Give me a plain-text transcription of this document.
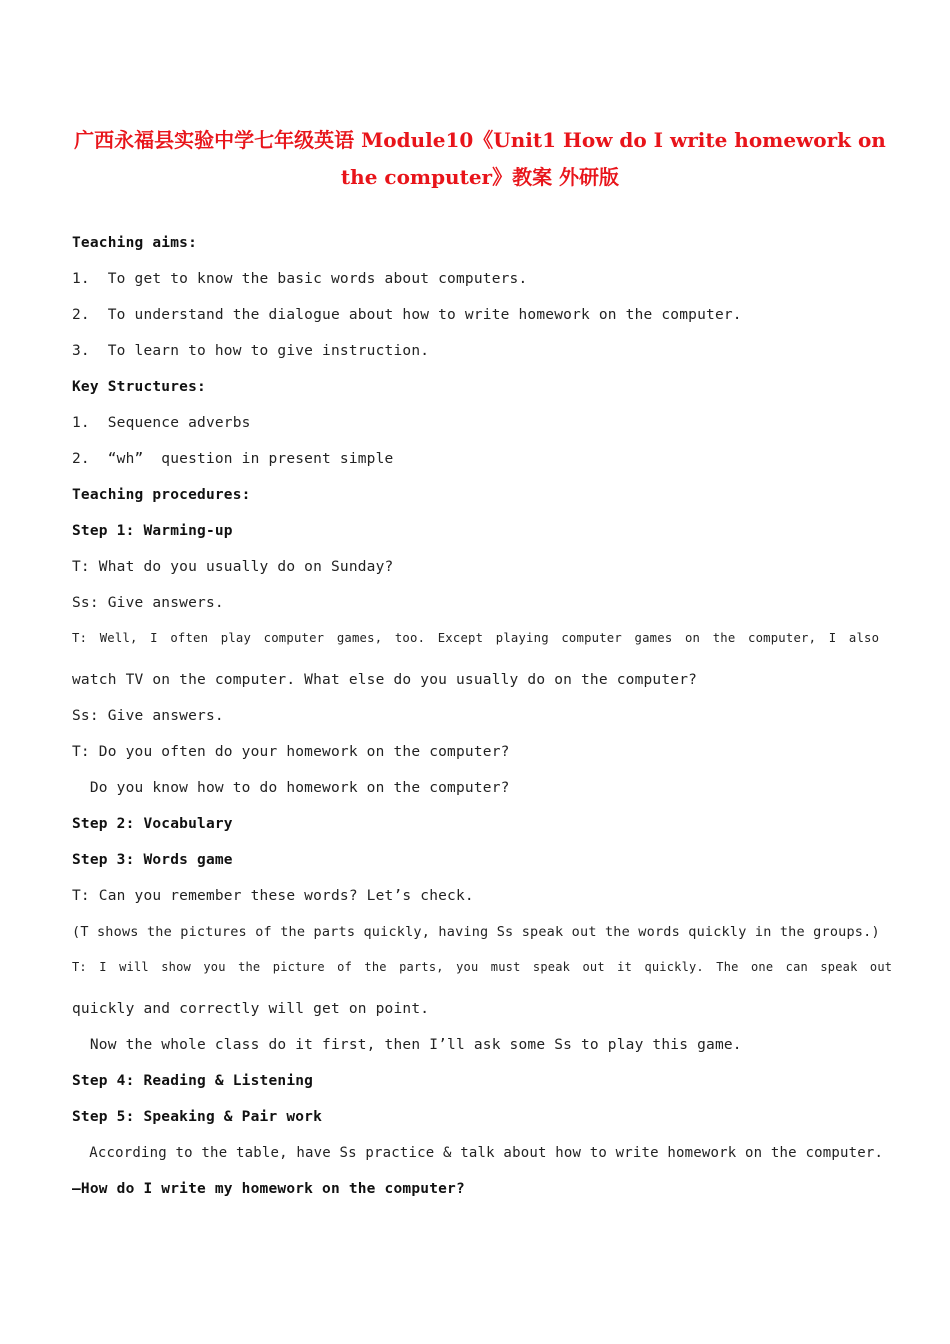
广西永福县实验中学七年级英语 Module10《Unit1 How do I write homework on
the computer》教案 外研版
Teaching aims:
1.  To get to know the basic words about computers.
2.  To understand the dialogue about how to write homework on the computer.
3.  To learn to how to give instruction.
Key Structures:
1.  Sequence adverbs
2.  “wh”  question in present simple
Teaching procedures:
Step 1: Warming-up
T: What do you usually do on Sunday?
Ss: Give answers.
T: Well, I often play computer games, too. Except playing computer games on the computer, I also
watch TV on the computer. What else do you usually do on the computer?
Ss: Give answers.
T: Do you often do your homework on the computer?
Do you know how to do homework on the computer?
Step 2: Vocabulary
Step 3: Words game
T: Can you remember these words? Let’s check.
(T shows the pictures of the parts quickly, having Ss speak out the words quickly in the groups.)
T: I will show you the picture of the parts, you must speak out it quickly. The one can speak out
quickly and correctly will get on point.
Now the whole class do it first, then I’ll ask some Ss to play this game.
Step 4: Reading & Listening
Step 5: Speaking & Pair work
According to the table, have Ss practice & talk about how to write homework on the computer.
—How do I write my homework on the computer?
